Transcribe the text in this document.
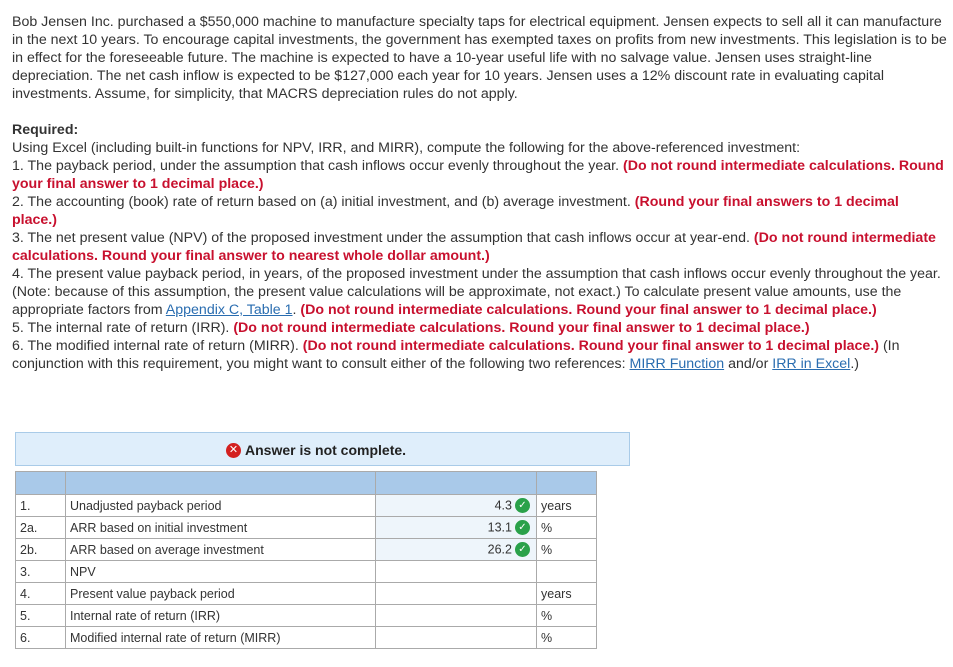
Bob Jensen Inc. purchased a $550,000 machine to manufacture specialty taps for electrical equipment. Jensen expects to sell all it can manufacture in the next 10 years. To encourage capital investments, the government has exempted taxes on profits from new investments. This legislation is to be in effect for the foreseeable future. The machine is expected to have a 10-year useful life with no salvage value. Jensen uses straight-line depreciation. The net cash inflow is expected to be $127,000 each year for 10 years. Jensen uses a 12% discount rate in evaluating capital investments. Assume, for simplicity, that MACRS depreciation rules do not apply.

Required:

Using Excel (including built-in functions for NPV, IRR, and MIRR), compute the following for the above-referenced investment:

1. The payback period, under the assumption that cash inflows occur evenly throughout the year. (Do not round intermediate calculations. Round your final answer to 1 decimal place.)

2. The accounting (book) rate of return based on (a) initial investment, and (b) average investment. (Round your final answers to 1 decimal place.)

3. The net present value (NPV) of the proposed investment under the assumption that cash inflows occur at year-end. (Do not round intermediate calculations. Round your final answer to nearest whole dollar amount.)

4. The present value payback period, in years, of the proposed investment under the assumption that cash inflows occur evenly throughout the year. (Note: because of this assumption, the present value calculations will be approximate, not exact.) To calculate present value amounts, use the appropriate factors from Appendix C, Table 1. (Do not round intermediate calculations. Round your final answer to 1 decimal place.)

5. The internal rate of return (IRR). (Do not round intermediate calculations. Round your final answer to 1 decimal place.)

6. The modified internal rate of return (MIRR). (Do not round intermediate calculations. Round your final answer to 1 decimal place.) (In conjunction with this requirement, you might want to consult either of the following two references: MIRR Function and/or IRR in Excel.)

✕ Answer is not complete.

1.	Unadjusted payback period	4.3 ✓	years
2a.	ARR based on initial investment	13.1 ✓	%
2b.	ARR based on average investment	26.2 ✓	%
3.	NPV		
4.	Present value payback period		years
5.	Internal rate of return (IRR)		%
6.	Modified internal rate of return (MIRR)		%
